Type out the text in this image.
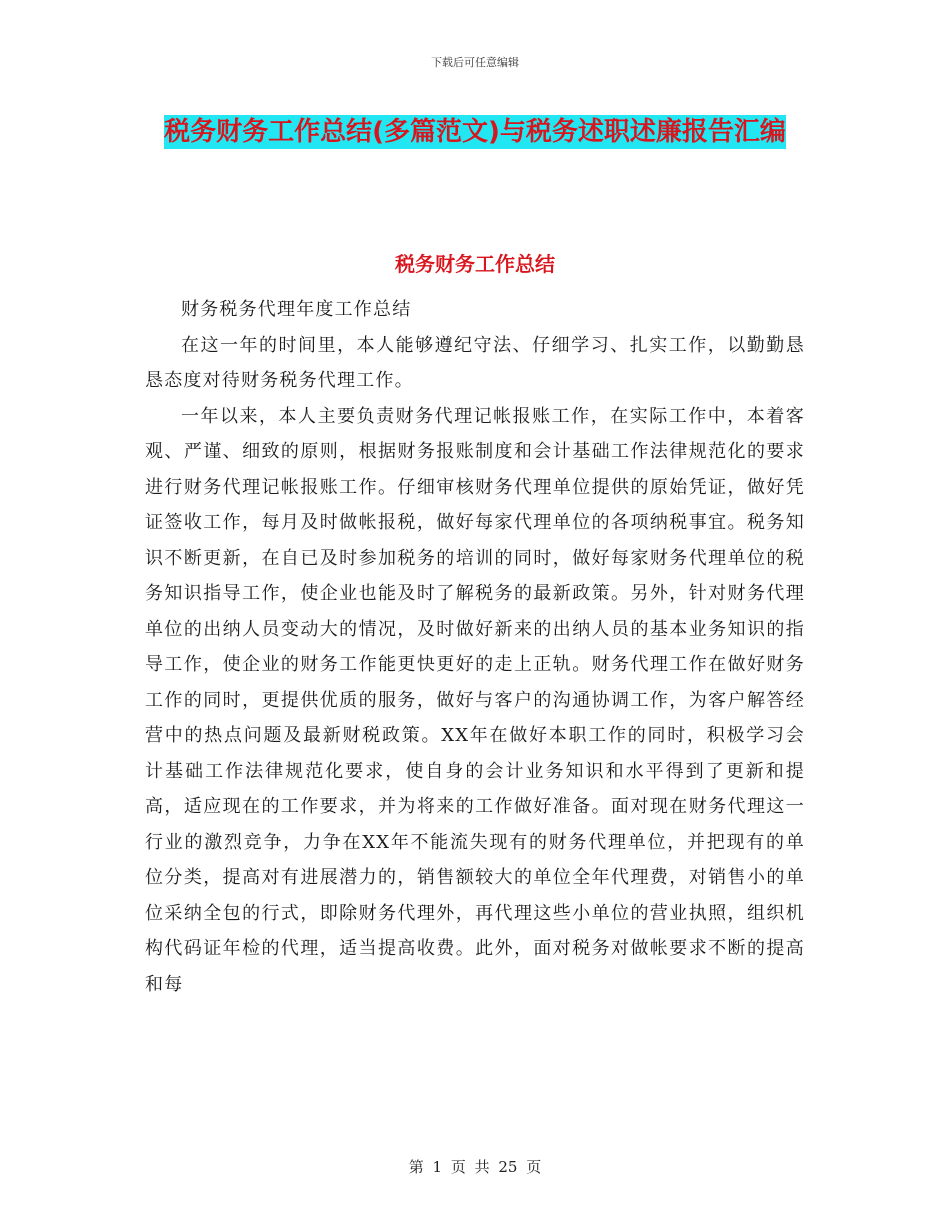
下载后可任意编辑
税务财务工作总结(多篇范文)与税务述职述廉报告汇编
税务财务工作总结

财务税务代理年度工作总结

在这一年的时间里，本人能够遵纪守法、仔细学习、扎实工作，以勤勤恳恳态度对待财务税务代理工作。

一年以来，本人主要负责财务代理记帐报账工作，在实际工作中，本着客观、严谨、细致的原则，根据财务报账制度和会计基础工作法律规范化的要求进行财务代理记帐报账工作。仔细审核财务代理单位提供的原始凭证，做好凭证签收工作，每月及时做帐报税，做好每家代理单位的各项纳税事宜。税务知识不断更新，在自已及时参加税务的培训的同时，做好每家财务代理单位的税务知识指导工作，使企业也能及时了解税务的最新政策。另外，针对财务代理单位的出纳人员变动大的情况，及时做好新来的出纳人员的基本业务知识的指导工作，使企业的财务工作能更快更好的走上正轨。财务代理工作在做好财务工作的同时，更提供优质的服务，做好与客户的沟通协调工作，为客户解答经营中的热点问题及最新财税政策。XX年在做好本职工作的同时，积极学习会计基础工作法律规范化要求，使自身的会计业务知识和水平得到了更新和提高，适应现在的工作要求，并为将来的工作做好准备。面对现在财务代理这一行业的激烈竞争，力争在XX年不能流失现有的财务代理单位，并把现有的单位分类，提高对有进展潜力的，销售额较大的单位全年代理费，对销售小的单位采纳全包的行式，即除财务代理外，再代理这些小单位的营业执照，组织机构代码证年检的代理，适当提高收费。此外，面对税务对做帐要求不断的提高和每

第 1 页 共 25 页
